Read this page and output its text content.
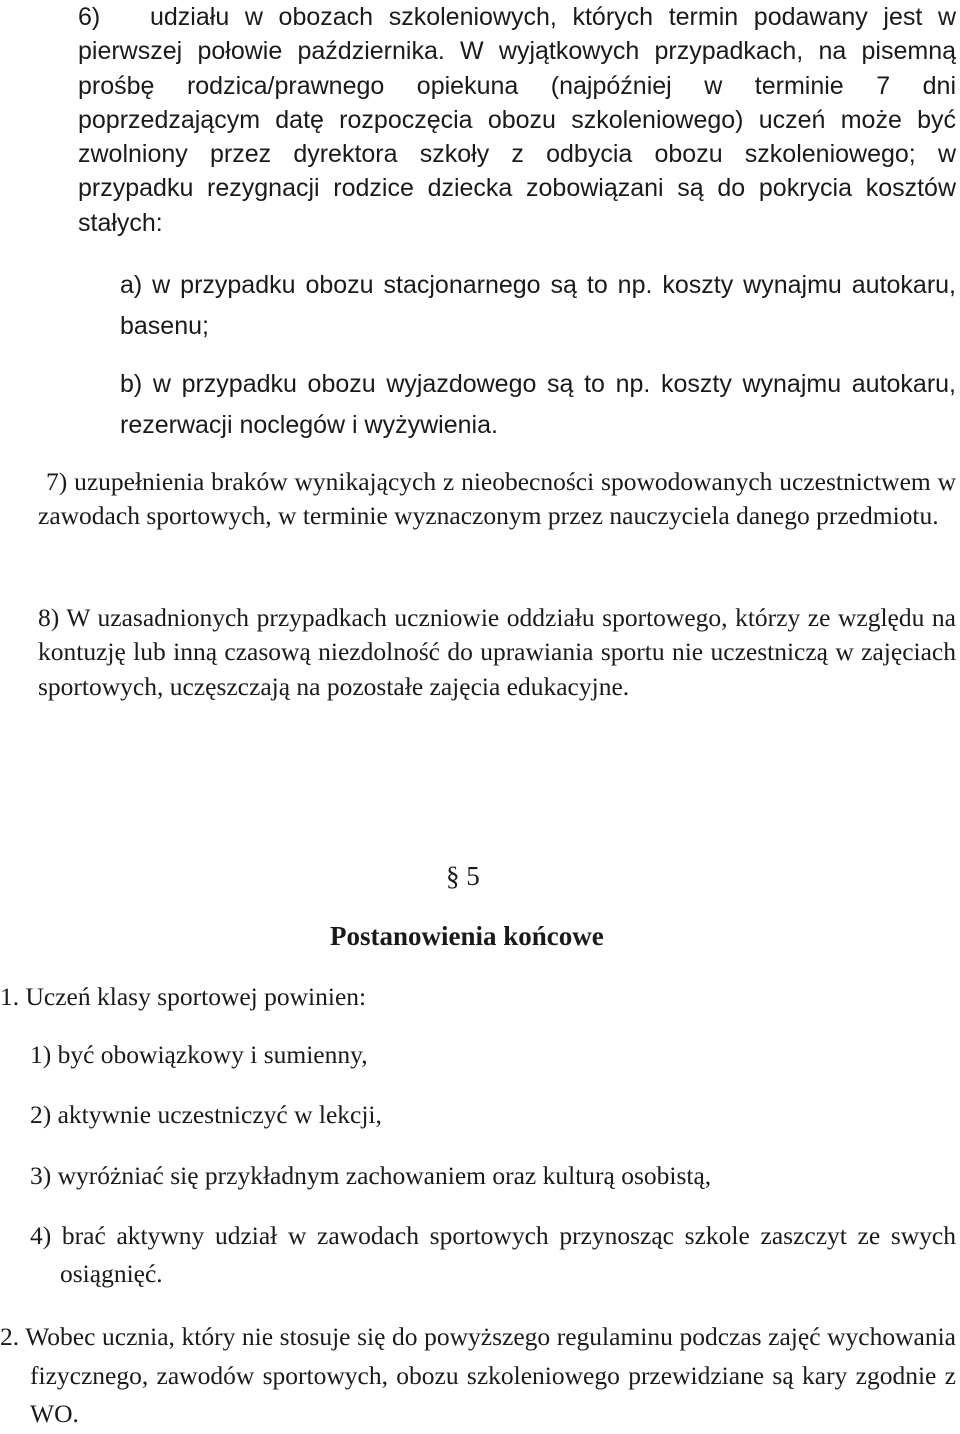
6) udziału w obozach szkoleniowych, których termin podawany jest w pierwszej połowie października. W wyjątkowych przypadkach, na pisemną prośbę rodzica/prawnego opiekuna (najpóźniej w terminie 7 dni poprzedzającym datę rozpoczęcia obozu szkoleniowego) uczeń może być zwolniony przez dyrektora szkoły z odbycia obozu szkoleniowego; w przypadku rezygnacji rodzice dziecka zobowiązani są do pokrycia kosztów stałych:

a) w przypadku obozu stacjonarnego są to np. koszty wynajmu autokaru, basenu;

b) w przypadku obozu wyjazdowego są to np. koszty wynajmu autokaru, rezerwacji noclegów i wyżywienia.

7) uzupełnienia braków wynikających z nieobecności spowodowanych uczestnictwem w zawodach sportowych, w terminie wyznaczonym przez nauczyciela danego przedmiotu.

8) W uzasadnionych przypadkach uczniowie oddziału sportowego, którzy ze względu na kontuzję lub inną czasową niezdolność do uprawiania sportu nie uczestniczą w zajęciach sportowych, uczęszczają na pozostałe zajęcia edukacyjne.

§ 5
Postanowienia końcowe
1. Uczeń klasy sportowej powinien:
1) być obowiązkowy i sumienny,
2) aktywnie uczestniczyć w lekcji,
3) wyróżniać się przykładnym zachowaniem oraz kulturą osobistą,
4) brać aktywny udział w zawodach sportowych przynosząc szkole zaszczyt ze swych osiągnięć.

2. Wobec ucznia, który nie stosuje się do powyższego regulaminu podczas zajęć wychowania fizycznego, zawodów sportowych, obozu szkoleniowego przewidziane są kary zgodnie z WO.
